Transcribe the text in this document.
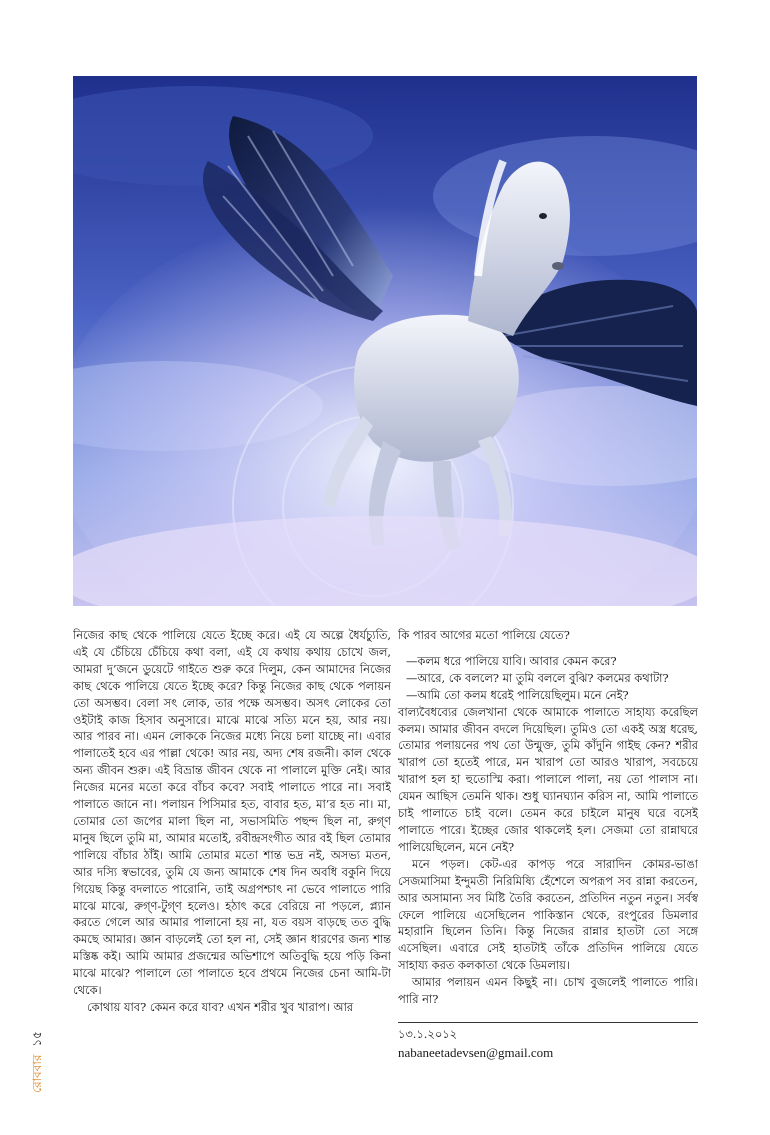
নিজের কাছ থেকে পালিয়ে যেতে ইচ্ছে করে। এই যে অল্পে ধৈর্যচ্যুতি, এই যে চেঁচিয়ে চেঁচিয়ে কথা বলা, এই যে কথায় কথায় চোখে জল, আমরা দু’জনে ডুয়েটে গাইতে শুরু করে দিলুম, কেন আমাদের নিজের কাছ থেকে পালিয়ে যেতে ইচ্ছে করে? কিন্তু নিজের কাছ থেকে পলায়ন তো অসম্ভব। বেলা সৎ লোক, তার পক্ষে অসম্ভব। অসৎ লোকের তো ওইটাই কাজ হিসাব অনুসারে। মাঝে মাঝে সত্যি মনে হয়, আর নয়। আর পারব না। এমন লোককে নিজের মধ্যে নিয়ে চলা যাচ্ছে না। এবার পালাতেই হবে এর পাল্লা থেকে! আর নয়, অদ্য শেষ রজনী। কাল থেকে অন্য জীবন শুরু। এই বিভ্রান্ত জীবন থেকে না পালালে মুক্তি নেই। আর নিজের মনের মতো করে বাঁচব কবে? সবাই পালাতে পারে না। সবাই পালাতে জানে না। পলায়ন পিসিমার হত, বাবার হত, মা’র হত না। মা, তোমার তো জপের মালা ছিল না, সভাসমিতি পছন্দ ছিল না, রুগ্ণ মানুষ ছিলে তুমি মা, আমার মতোই, রবীন্দ্রসংগীত আর বই ছিল তোমার পালিয়ে বাঁচার ঠাঁই। আমি তোমার মতো শান্ত ভদ্র নই, অসভ্য মতন, আর দস্যি স্বভাবের, তুমি যে জন্য আমাকে শেষ দিন অবধি বকুনি দিয়ে গিয়েছ কিন্তু বদলাতে পারোনি, তাই অগ্রপশ্চাৎ না ভেবে পালাতে পারি মাঝে মাঝে, রুগ্ণ-টুগ্ণ হলেও। হঠাৎ করে বেরিয়ে না পড়লে, প্ল্যান করতে গেলে আর আমার পালানো হয় না, যত বয়স বাড়ছে তত বুদ্ধি কমছে আমার। জ্ঞান বাড়লেই তো হল না, সেই জ্ঞান ধারণের জন্য শান্ত মস্তিষ্ক কই। আমি আমার প্রজন্মের অভিশাপে অতিবুদ্ধি হয়ে পড়ি কিনা মাঝে মাঝে? পালালে তো পালাতে হবে প্রথমে নিজের চেনা আমি-টা থেকে।

কোথায় যাব? কেমন করে যাব? এখন শরীর খুব খারাপ। আর

কি পারব আগের মতো পালিয়ে যেতে?

—কলম ধরে পালিয়ে যাবি। আবার কেমন করে?

—আরে, কে বললে? মা তুমি বললে বুঝি? কলমের কথাটা?

—আমি তো কলম ধরেই পালিয়েছিলুম। মনে নেই?

বাল্যবৈধব্যের জেলখানা থেকে আমাকে পালাতে সাহায্য করেছিল কলম। আমার জীবন বদলে দিয়েছিল। তুমিও তো একই অস্ত্র ধরেছ, তোমার পলায়নের পথ তো উন্মুক্ত, তুমি কাঁদুনি গাইছ কেন? শরীর খারাপ তো হতেই পারে, মন খারাপ তো আরও খারাপ, সবচেয়ে খারাপ হল হা হুতোস্মি করা। পালালে পালা, নয় তো পালাস না। যেমন আছিস তেমনি থাক। শুধু ঘ্যানঘ্যান করিস না, আমি পালাতে চাই পালাতে চাই বলে। তেমন করে চাইলে মানুষ ঘরে বসেই পালাতে পারে। ইচ্ছের জোর থাকলেই হল। সেজমা তো রান্নাঘরে পালিয়েছিলেন, মনে নেই?

মনে পড়ল। কেট-এর কাপড় পরে সারাদিন কোমর-ভাঙা সেজমাসিমা ইন্দুমতী নিরিমিষ্যি হেঁশেলে অপরূপ সব রান্না করতেন, আর অসামান্য সব মিষ্টি তৈরি করতেন, প্রতিদিন নতুন নতুন। সর্বস্ব ফেলে পালিয়ে এসেছিলেন পাকিস্তান থেকে, রংপুরের ডিমলার মহারানি ছিলেন তিনি। কিন্তু নিজের রান্নার হাতটা তো সঙ্গে এসেছিল। এবারে সেই হাতটাই তাঁকে প্রতিদিন পালিয়ে যেতে সাহায্য করত কলকাতা থেকে ডিমলায়।

আমার পলায়ন এমন কিছুই না। চোখ বুজলেই পালাতে পারি। পারি না?

১৩.১.২০১২
nabaneetadevsen@gmail.com
রোববার ১৫
